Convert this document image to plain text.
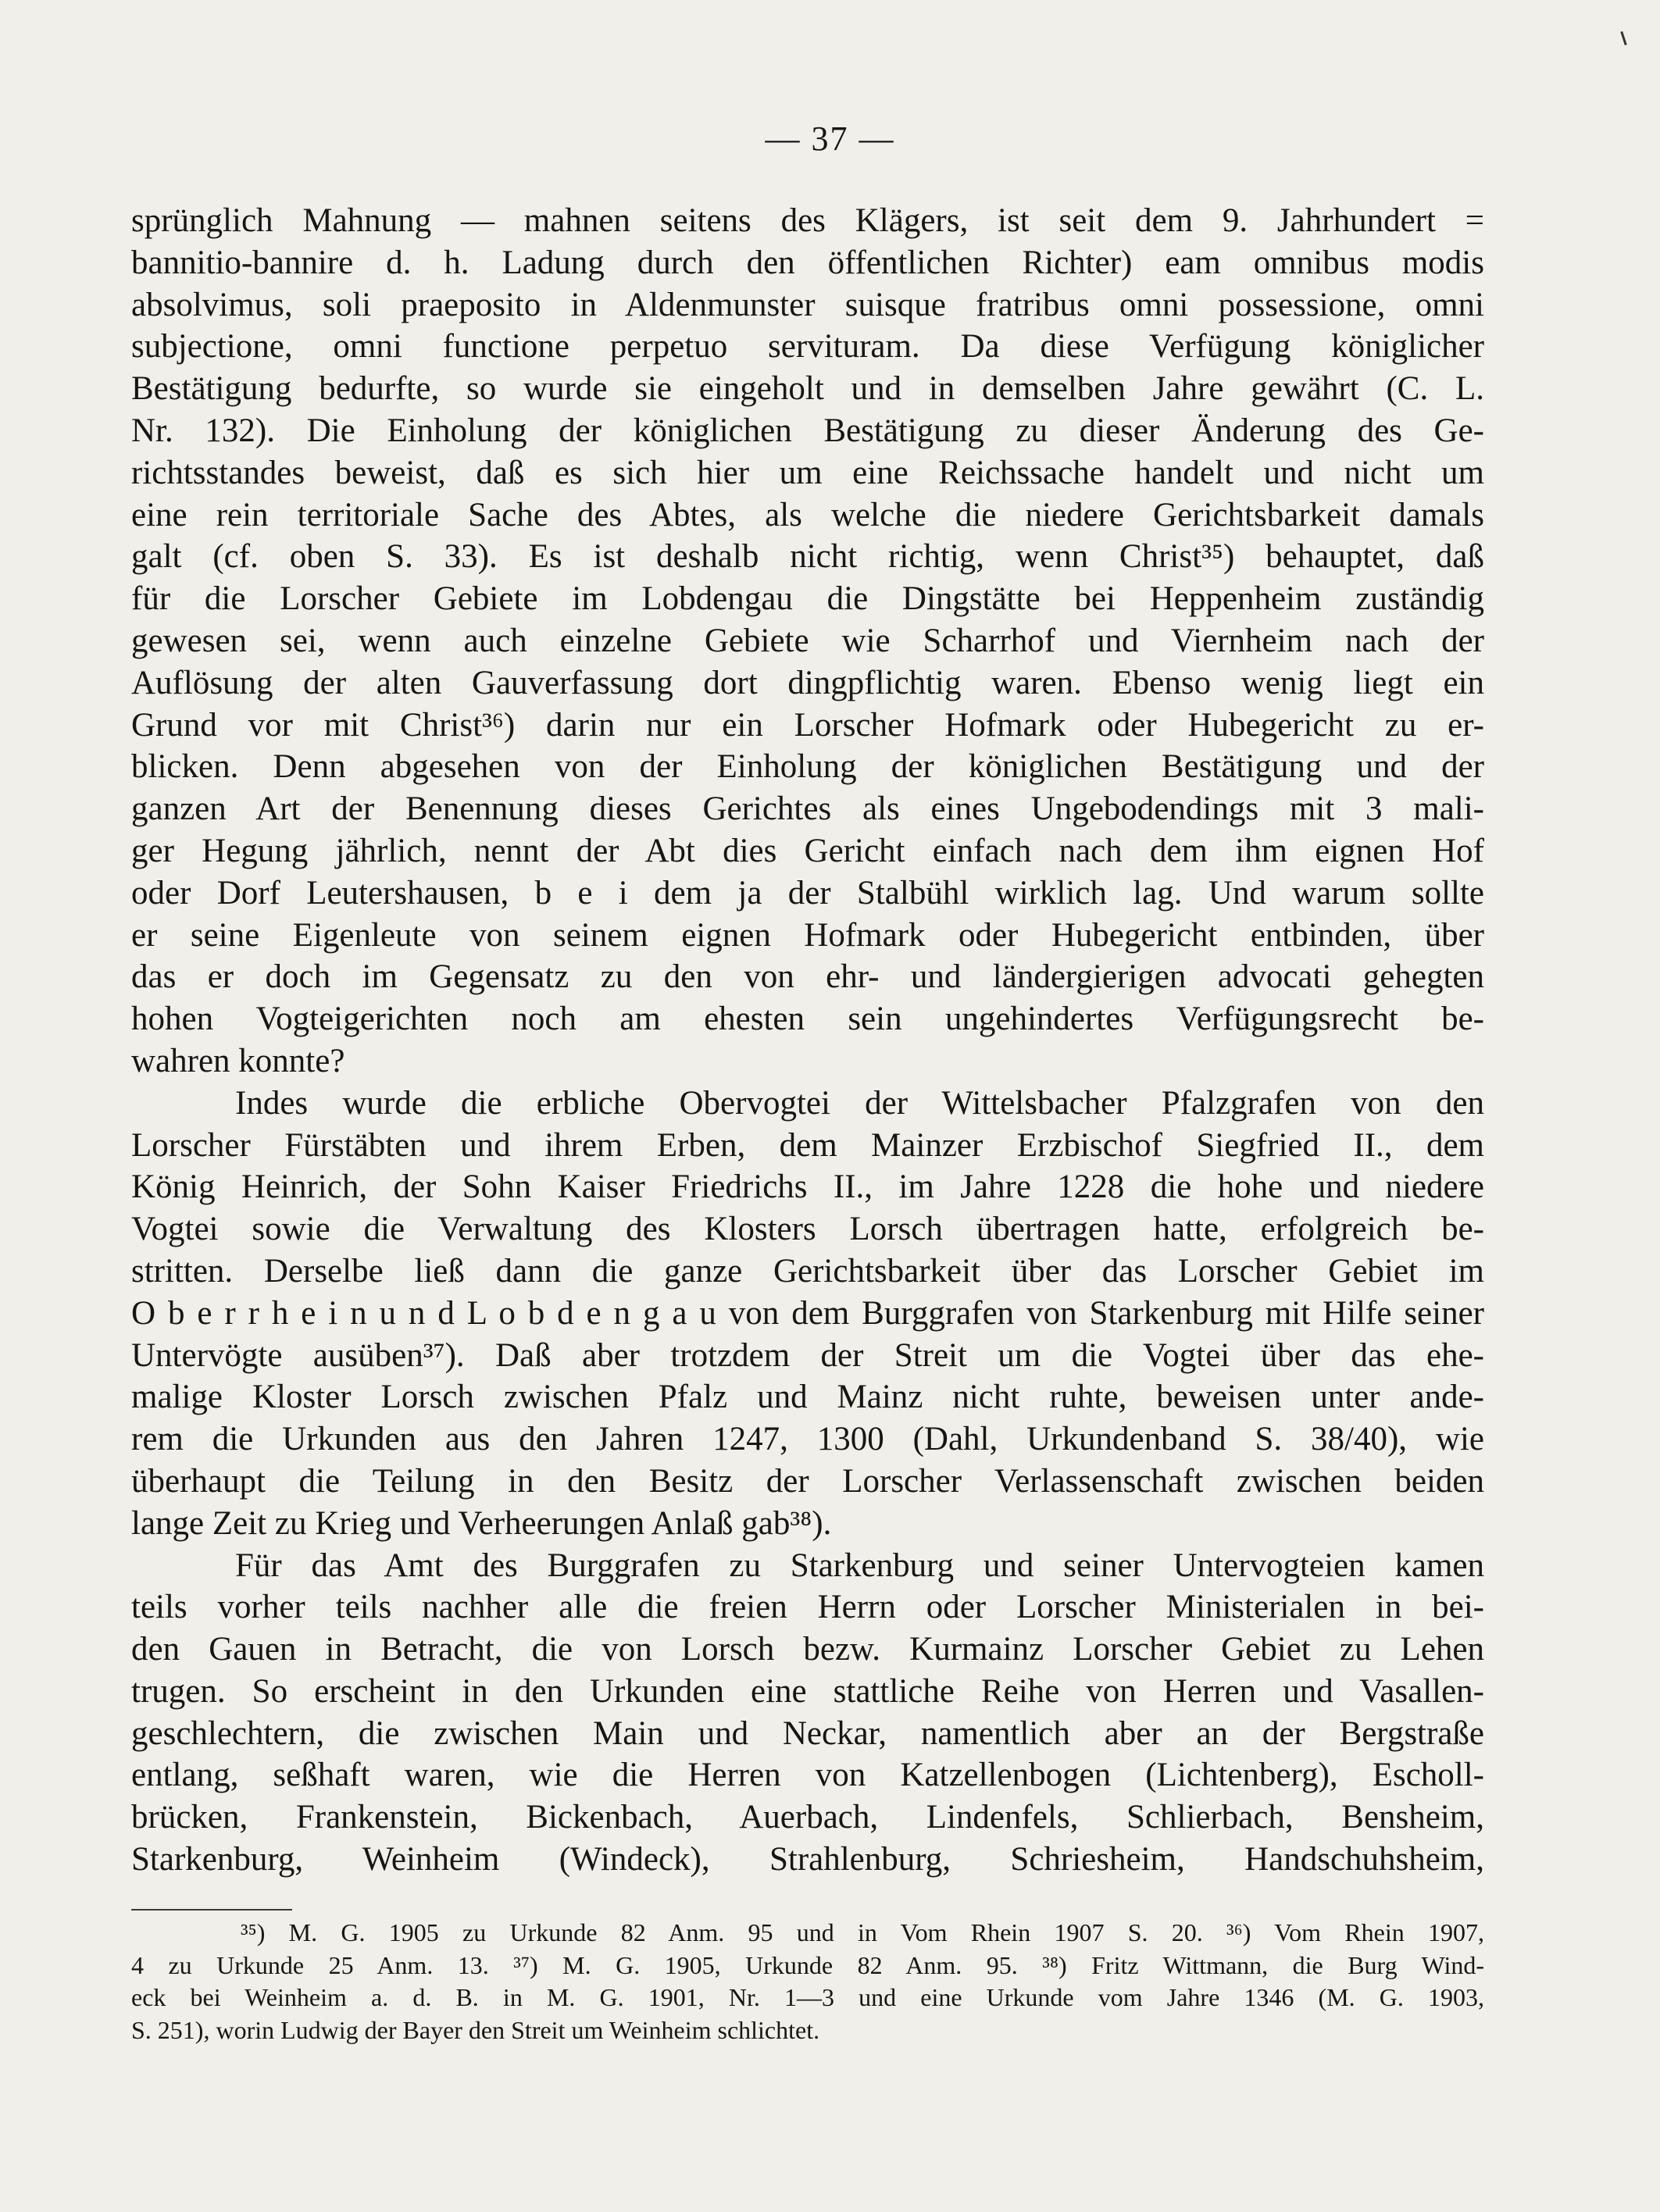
— 37 —
sprünglich Mahnung — mahnen seitens des Klägers, ist seit dem 9. Jahrhundert =
bannitio-bannire d. h. Ladung durch den öffentlichen Richter) eam omnibus modis
absolvimus, soli praeposito in Aldenmunster suisque fratribus omni possessione, omni
subjectione, omni functione perpetuo servituram. Da diese Verfügung königlicher
Bestätigung bedurfte, so wurde sie eingeholt und in demselben Jahre gewährt (C. L.
Nr. 132). Die Einholung der königlichen Bestätigung zu dieser Änderung des Ge-
richtsstandes beweist, daß es sich hier um eine Reichssache handelt und nicht um
eine rein territoriale Sache des Abtes, als welche die niedere Gerichtsbarkeit damals
galt (cf. oben S. 33). Es ist deshalb nicht richtig, wenn Christ³⁵) behauptet, daß
für die Lorscher Gebiete im Lobdengau die Dingstätte bei Heppenheim zuständig
gewesen sei, wenn auch einzelne Gebiete wie Scharrhof und Viernheim nach der
Auflösung der alten Gauverfassung dort dingpflichtig waren. Ebenso wenig liegt ein
Grund vor mit Christ³⁶) darin nur ein Lorscher Hofmark oder Hubegericht zu er-
blicken. Denn abgesehen von der Einholung der königlichen Bestätigung und der
ganzen Art der Benennung dieses Gerichtes als eines Ungebodendings mit 3 mali-
ger Hegung jährlich, nennt der Abt dies Gericht einfach nach dem ihm eignen Hof
oder Dorf Leutershausen, b e i dem ja der Stalbühl wirklich lag. Und warum sollte
er seine Eigenleute von seinem eignen Hofmark oder Hubegericht entbinden, über
das er doch im Gegensatz zu den von ehr- und ländergierigen advocati gehegten
hohen Vogteigerichten noch am ehesten sein ungehindertes Verfügungsrecht be-
wahren konnte?
Indes wurde die erbliche Obervogtei der Wittelsbacher Pfalzgrafen von den
Lorscher Fürstäbten und ihrem Erben, dem Mainzer Erzbischof Siegfried II., dem
König Heinrich, der Sohn Kaiser Friedrichs II., im Jahre 1228 die hohe und niedere
Vogtei sowie die Verwaltung des Klosters Lorsch übertragen hatte, erfolgreich be-
stritten. Derselbe ließ dann die ganze Gerichtsbarkeit über das Lorscher Gebiet im
O b e r r h e i n u n d L o b d e n g a u von dem Burggrafen von Starkenburg mit Hilfe seiner
Untervögte ausüben³⁷). Daß aber trotzdem der Streit um die Vogtei über das ehe-
malige Kloster Lorsch zwischen Pfalz und Mainz nicht ruhte, beweisen unter ande-
rem die Urkunden aus den Jahren 1247, 1300 (Dahl, Urkundenband S. 38/40), wie
überhaupt die Teilung in den Besitz der Lorscher Verlassenschaft zwischen beiden
lange Zeit zu Krieg und Verheerungen Anlaß gab³⁸).
Für das Amt des Burggrafen zu Starkenburg und seiner Untervogteien kamen
teils vorher teils nachher alle die freien Herrn oder Lorscher Ministerialen in bei-
den Gauen in Betracht, die von Lorsch bezw. Kurmainz Lorscher Gebiet zu Lehen
trugen. So erscheint in den Urkunden eine stattliche Reihe von Herren und Vasallen-
geschlechtern, die zwischen Main und Neckar, namentlich aber an der Bergstraße
entlang, seßhaft waren, wie die Herren von Katzellenbogen (Lichtenberg), Escholl-
brücken, Frankenstein, Bickenbach, Auerbach, Lindenfels, Schlierbach, Bensheim,
Starkenburg, Weinheim (Windeck), Strahlenburg, Schriesheim, Handschuhsheim,
³⁵) M. G. 1905 zu Urkunde 82 Anm. 95 und in Vom Rhein 1907 S. 20. ³⁶) Vom Rhein 1907,
4 zu Urkunde 25 Anm. 13. ³⁷) M. G. 1905, Urkunde 82 Anm. 95. ³⁸) Fritz Wittmann, die Burg Wind-
eck bei Weinheim a. d. B. in M. G. 1901, Nr. 1—3 und eine Urkunde vom Jahre 1346 (M. G. 1903,
S. 251), worin Ludwig der Bayer den Streit um Weinheim schlichtet.
